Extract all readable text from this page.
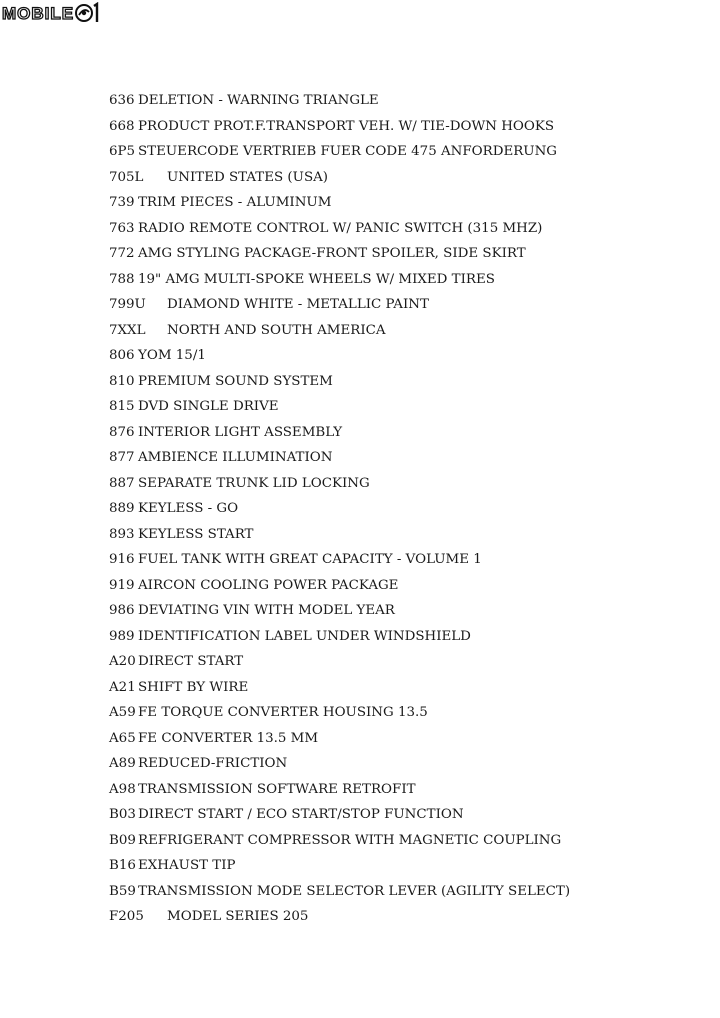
MOBILE
636 DELETION - WARNING TRIANGLE
668 PRODUCT PROT.F.TRANSPORT VEH. W/ TIE-DOWN HOOKS
6P5 STEUERCODE VERTRIEB FUER CODE 475 ANFORDERUNG
705L	UNITED STATES (USA)
739 TRIM PIECES - ALUMINUM
763 RADIO REMOTE CONTROL W/ PANIC SWITCH (315 MHZ)
772 AMG STYLING PACKAGE-FRONT SPOILER, SIDE SKIRT
788 19" AMG MULTI-SPOKE WHEELS W/ MIXED TIRES
799U	DIAMOND WHITE - METALLIC PAINT
7XXL	NORTH AND SOUTH AMERICA
806 YOM 15/1
810 PREMIUM SOUND SYSTEM
815 DVD SINGLE DRIVE
876 INTERIOR LIGHT ASSEMBLY
877 AMBIENCE ILLUMINATION
887 SEPARATE TRUNK LID LOCKING
889 KEYLESS - GO
893 KEYLESS START
916 FUEL TANK WITH GREAT CAPACITY - VOLUME 1
919 AIRCON COOLING POWER PACKAGE
986 DEVIATING VIN WITH MODEL YEAR
989 IDENTIFICATION LABEL UNDER WINDSHIELD
A20 DIRECT START
A21 SHIFT BY WIRE
A59 FE TORQUE CONVERTER HOUSING 13.5
A65 FE CONVERTER 13.5 MM
A89 REDUCED-FRICTION
A98 TRANSMISSION SOFTWARE RETROFIT
B03 DIRECT START / ECO START/STOP FUNCTION
B09 REFRIGERANT COMPRESSOR WITH MAGNETIC COUPLING
B16 EXHAUST TIP
B59 TRANSMISSION MODE SELECTOR LEVER (AGILITY SELECT)
F205	MODEL SERIES 205
